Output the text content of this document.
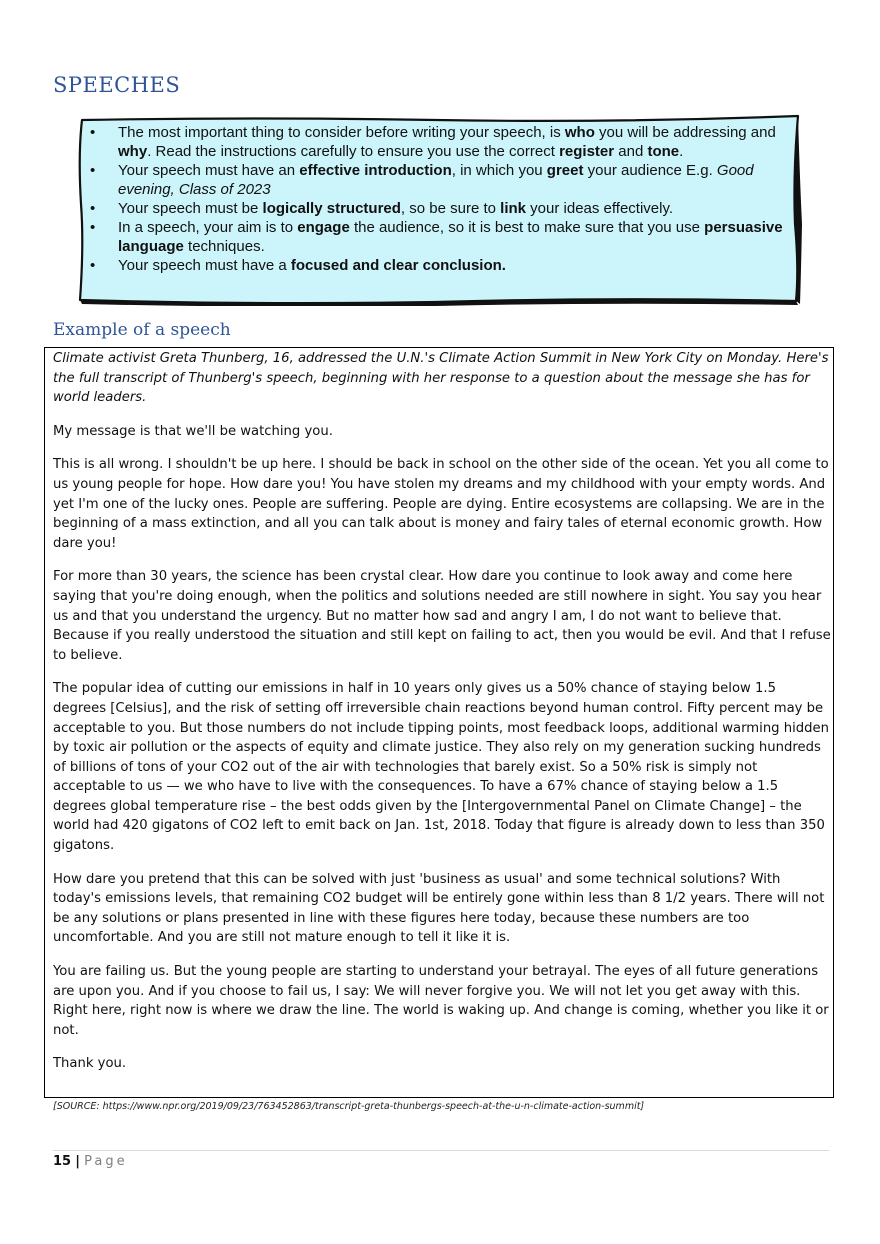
SPEECHES
• The most important thing to consider before writing your speech, is who you will be addressing and why. Read the instructions carefully to ensure you use the correct register and tone.
• Your speech must have an effective introduction, in which you greet your audience E.g. Good evening, Class of 2023
• Your speech must be logically structured, so be sure to link your ideas effectively.
• In a speech, your aim is to engage the audience, so it is best to make sure that you use persuasive language techniques.
• Your speech must have a focused and clear conclusion.
Example of a speech

Climate activist Greta Thunberg, 16, addressed the U.N.'s Climate Action Summit in New York City on Monday. Here's the full transcript of Thunberg's speech, beginning with her response to a question about the message she has for world leaders.

My message is that we'll be watching you.

This is all wrong. I shouldn't be up here. I should be back in school on the other side of the ocean. Yet you all come to us young people for hope. How dare you! You have stolen my dreams and my childhood with your empty words. And yet I'm one of the lucky ones. People are suffering. People are dying. Entire ecosystems are collapsing. We are in the beginning of a mass extinction, and all you can talk about is money and fairy tales of eternal economic growth. How dare you!

For more than 30 years, the science has been crystal clear. How dare you continue to look away and come here saying that you're doing enough, when the politics and solutions needed are still nowhere in sight. You say you hear us and that you understand the urgency. But no matter how sad and angry I am, I do not want to believe that. Because if you really understood the situation and still kept on failing to act, then you would be evil. And that I refuse to believe.

The popular idea of cutting our emissions in half in 10 years only gives us a 50% chance of staying below 1.5 degrees [Celsius], and the risk of setting off irreversible chain reactions beyond human control. Fifty percent may be acceptable to you. But those numbers do not include tipping points, most feedback loops, additional warming hidden by toxic air pollution or the aspects of equity and climate justice. They also rely on my generation sucking hundreds of billions of tons of your CO2 out of the air with technologies that barely exist. So a 50% risk is simply not acceptable to us — we who have to live with the consequences. To have a 67% chance of staying below a 1.5 degrees global temperature rise – the best odds given by the [Intergovernmental Panel on Climate Change] – the world had 420 gigatons of CO2 left to emit back on Jan. 1st, 2018. Today that figure is already down to less than 350 gigatons.

How dare you pretend that this can be solved with just 'business as usual' and some technical solutions? With today's emissions levels, that remaining CO2 budget will be entirely gone within less than 8 1/2 years. There will not be any solutions or plans presented in line with these figures here today, because these numbers are too uncomfortable. And you are still not mature enough to tell it like it is.

You are failing us. But the young people are starting to understand your betrayal. The eyes of all future generations are upon you. And if you choose to fail us, I say: We will never forgive you. We will not let you get away with this. Right here, right now is where we draw the line. The world is waking up. And change is coming, whether you like it or not.

Thank you.

[SOURCE: https://www.npr.org/2019/09/23/763452863/transcript-greta-thunbergs-speech-at-the-u-n-climate-action-summit]
15 | Page
